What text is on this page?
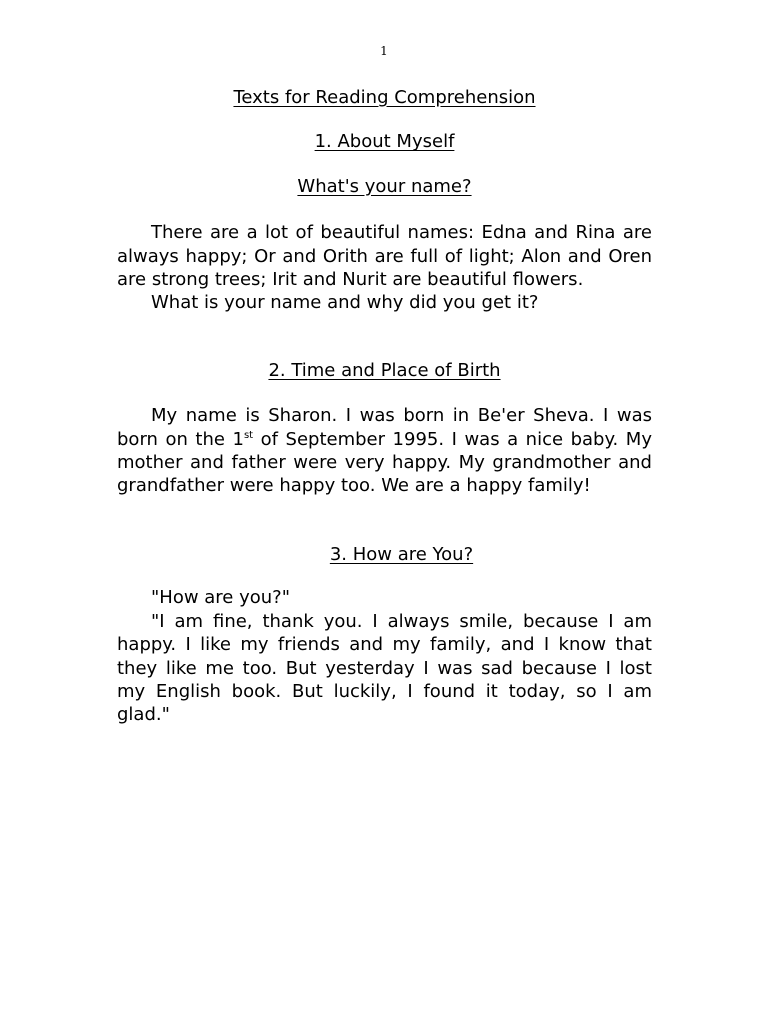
1
Texts for Reading Comprehension
1. About Myself
What's your name?

There are a lot of beautiful names: Edna and Rina are always happy; Or and Orith are full of light; Alon and Oren are strong trees; Irit and Nurit are beautiful flowers.

What is your name and why did you get it?

2. Time and Place of Birth

My name is Sharon. I was born in Be'er Sheva. I was born on the 1st of September 1995. I was a nice baby. My mother and father were very happy. My grandmother and grandfather were happy too. We are a happy family!

3. How are You?

"How are you?"

"I am fine, thank you. I always smile, because I am happy. I like my friends and my family, and I know that they like me too. But yesterday I was sad because I lost my English book. But luckily, I found it today, so I am glad."
